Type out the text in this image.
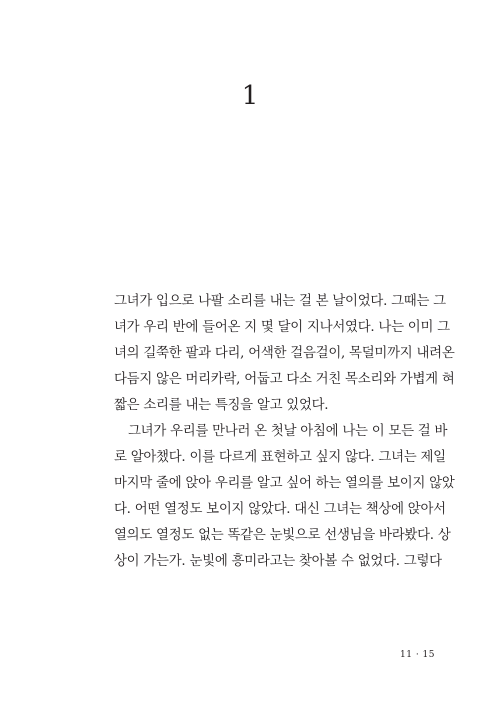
1
그녀가 입으로 나팔 소리를 내는 걸 본 날이었다. 그때는 그
녀가 우리 반에 들어온 지 몇 달이 지나서였다. 나는 이미 그
녀의 길쭉한 팔과 다리, 어색한 걸음걸이, 목덜미까지 내려온
다듬지 않은 머리카락, 어둡고 다소 거친 목소리와 가볍게 혀
짧은 소리를 내는 특징을 알고 있었다.
그녀가 우리를 만나러 온 첫날 아침에 나는 이 모든 걸 바
로 알아챘다. 이를 다르게 표현하고 싶지 않다. 그녀는 제일
마지막 줄에 앉아 우리를 알고 싶어 하는 열의를 보이지 않았
다. 어떤 열정도 보이지 않았다. 대신 그녀는 책상에 앉아서
열의도 열정도 없는 똑같은 눈빛으로 선생님을 바라봤다. 상
상이 가는가. 눈빛에 흥미라고는 찾아볼 수 없었다. 그렇다
11 · 15
